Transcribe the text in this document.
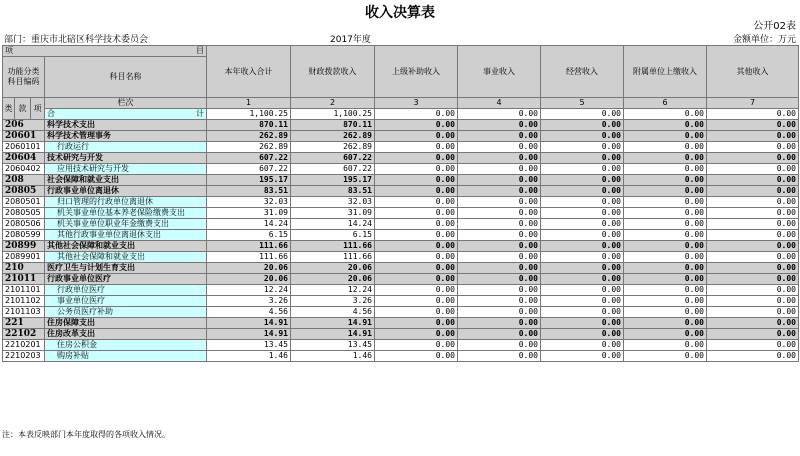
收入决算表
公开02表
部门：重庆市北碚区科学技术委员会	2017年度	金额单位：万元
项 目				本年收入合计	财政拨款收入	上级补助收入	事业收入	经营收入	附属单位上缴收入	其他收入
功能分类科目编码			科目名称							

类	款	项	栏次	1	2	3	4	5	6	7

			合 计	1,100.25	1,100.25	0.00	0.00	0.00	0.00	0.00
206			科学技术支出	870.11	870.11	0.00	0.00	0.00	0.00	0.00
20601			科学技术管理事务	262.89	262.89	0.00	0.00	0.00	0.00	0.00
2060101			行政运行	262.89	262.89	0.00	0.00	0.00	0.00	0.00
20604			技术研究与开发	607.22	607.22	0.00	0.00	0.00	0.00	0.00
2060402			应用技术研究与开发	607.22	607.22	0.00	0.00	0.00	0.00	0.00
208			社会保障和就业支出	195.17	195.17	0.00	0.00	0.00	0.00	0.00
20805			行政事业单位离退休	83.51	83.51	0.00	0.00	0.00	0.00	0.00
2080501			归口管理的行政单位离退休	32.03	32.03	0.00	0.00	0.00	0.00	0.00
2080505			机关事业单位基本养老保险缴费支出	31.09	31.09	0.00	0.00	0.00	0.00	0.00
2080506			机关事业单位职业年金缴费支出	14.24	14.24	0.00	0.00	0.00	0.00	0.00
2080599			其他行政事业单位离退休支出	6.15	6.15	0.00	0.00	0.00	0.00	0.00
20899			其他社会保障和就业支出	111.66	111.66	0.00	0.00	0.00	0.00	0.00
2089901			其他社会保障和就业支出	111.66	111.66	0.00	0.00	0.00	0.00	0.00
210			医疗卫生与计划生育支出	20.06	20.06	0.00	0.00	0.00	0.00	0.00
21011			行政事业单位医疗	20.06	20.06	0.00	0.00	0.00	0.00	0.00
2101101			行政单位医疗	12.24	12.24	0.00	0.00	0.00	0.00	0.00
2101102			事业单位医疗	3.26	3.26	0.00	0.00	0.00	0.00	0.00
2101103			公务员医疗补助	4.56	4.56	0.00	0.00	0.00	0.00	0.00
221			住房保障支出	14.91	14.91	0.00	0.00	0.00	0.00	0.00
22102			住房改革支出	14.91	14.91	0.00	0.00	0.00	0.00	0.00
2210201			住房公积金	13.45	13.45	0.00	0.00	0.00	0.00	0.00
2210203			购房补贴	1.46	1.46	0.00	0.00	0.00	0.00	0.00
注：本表反映部门本年度取得的各项收入情况。
